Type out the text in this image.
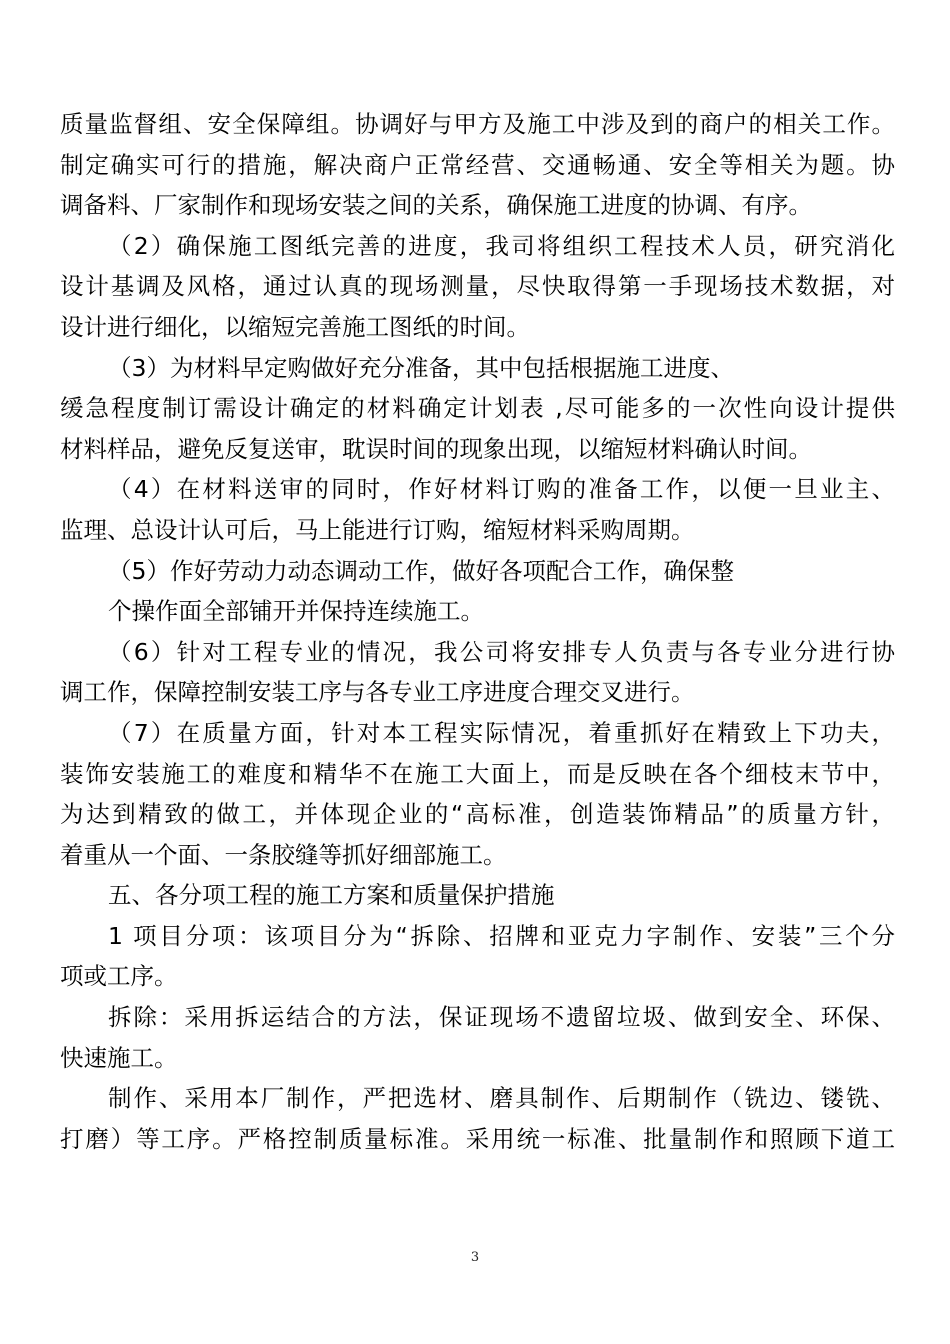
质量监督组、安全保障组。协调好与甲方及施工中涉及到的商户的相关工作。
制定确实可行的措施，解决商户正常经营、交通畅通、安全等相关为题。协
调备料、厂家制作和现场安装之间的关系，确保施工进度的协调、有序。
（2）确保施工图纸完善的进度，我司将组织工程技术人员，研究消化
设计基调及风格，通过认真的现场测量，尽快取得第一手现场技术数据，对
设计进行细化，以缩短完善施工图纸的时间。
（3）为材料早定购做好充分准备，其中包括根据施工进度、
缓急程度制订需设计确定的材料确定计划表 ,尽可能多的一次性向设计提供
材料样品，避免反复送审，耽误时间的现象出现，以缩短材料确认时间。
（4）在材料送审的同时，作好材料订购的准备工作，以便一旦业主、
监理、总设计认可后，马上能进行订购，缩短材料采购周期。
（5）作好劳动力动态调动工作，做好各项配合工作，确保整
个操作面全部铺开并保持连续施工。
（6）针对工程专业的情况，我公司将安排专人负责与各专业分进行协
调工作，保障控制安装工序与各专业工序进度合理交叉进行。
（7）在质量方面，针对本工程实际情况，着重抓好在精致上下功夫，
装饰安装施工的难度和精华不在施工大面上，而是反映在各个细枝末节中，
为达到精致的做工，并体现企业的“高标准，创造装饰精品”的质量方针，
着重从一个面、一条胶缝等抓好细部施工。
五、各分项工程的施工方案和质量保护措施
1 项目分项：该项目分为“拆除、招牌和亚克力字制作、安装”三个分
项或工序。
拆除：采用拆运结合的方法，保证现场不遗留垃圾、做到安全、环保、
快速施工。
制作、采用本厂制作，严把选材、磨具制作、后期制作（铣边、镂铣、
打磨）等工序。严格控制质量标准。采用统一标准、批量制作和照顾下道工
3
